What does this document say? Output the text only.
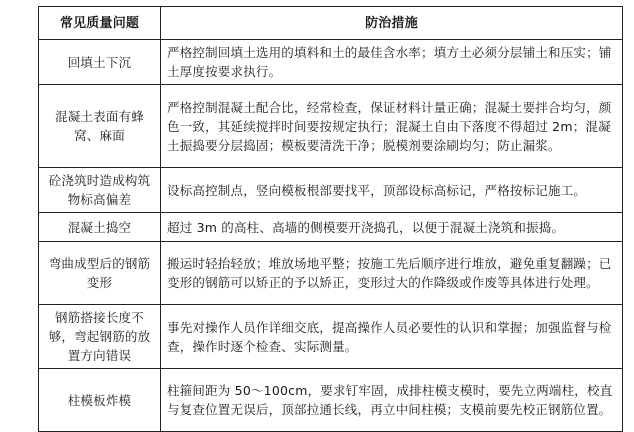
常见质量问题	防治措施
回填土下沉	严格控制回填土选用的填料和土的最佳含水率；填方土必须分层铺土和压实；铺土厚度按要求执行。
混凝土表面有蜂窝、麻面	严格控制混凝土配合比，经常检查，保证材料计量正确；混凝土要拌合均匀，颜色一致，其延续搅拌时间要按规定执行；混凝土自由下落度不得超过 2m；混凝土振捣要分层捣固；模板要清洗干净；脱模剂要涂刷均匀；防止漏浆。
砼浇筑时造成构筑物标高偏差	设标高控制点，竖向模板根部要找平，顶部设标高标记，严格按标记施工。
混凝土捣空	超过 3m 的高柱、高墙的侧模要开浇捣孔，以便于混凝土浇筑和振捣。
弯曲成型后的钢筋变形	搬运时轻抬轻放；堆放场地平整；按施工先后顺序进行堆放，避免重复翻躁；已变形的钢筋可以矫正的予以矫正，变形过大的作降级或作废等具体进行处理。
钢筋搭接长度不够，弯起钢筋的放置方向错误	事先对操作人员作详细交底，提高操作人员必要性的认识和掌握；加强监督与检查，操作时逐个检查、实际测量。
柱模板炸模	柱箍间距为 50～100cm，要求钉牢固，成排柱模支模时，要先立两端柱，校直与复查位置无误后，顶部拉通长线，再立中间柱模；支模前要先校正钢筋位置。
